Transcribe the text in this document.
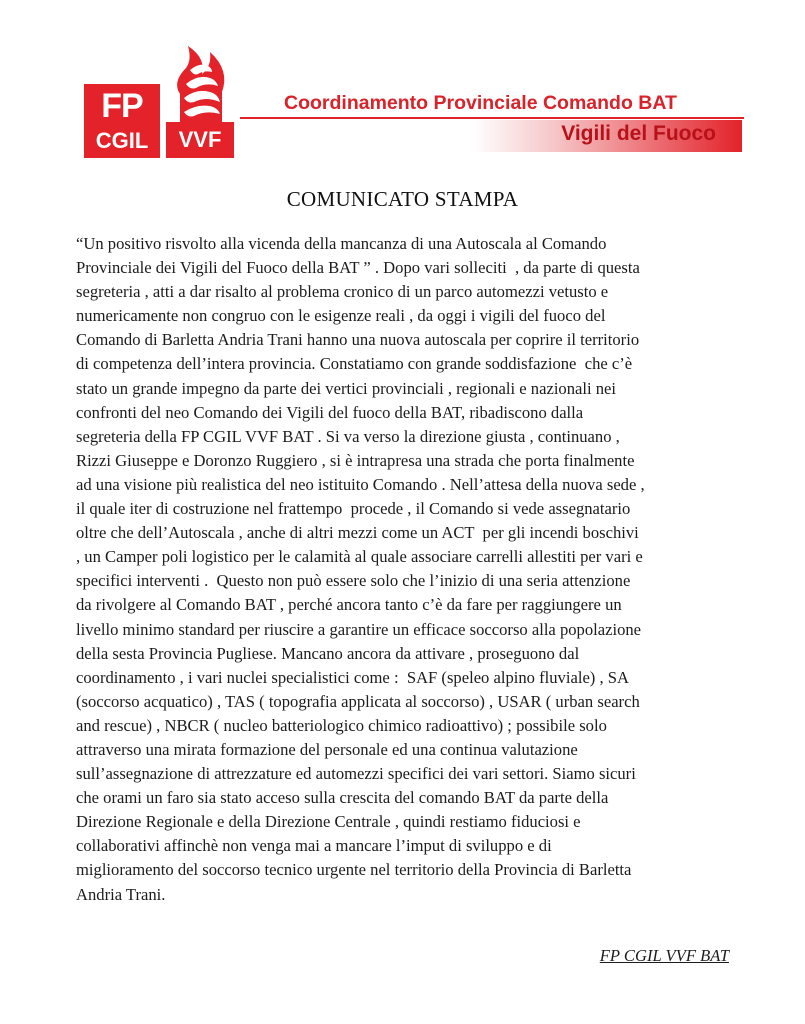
FP
CGIL	VVF
Coordinamento Provinciale Comando BAT
Vigili del Fuoco
COMUNICATO STAMPA
“Un positivo risvolto alla vicenda della mancanza di una Autoscala al Comando
Provinciale dei Vigili del Fuoco della BAT ” . Dopo vari solleciti  , da parte di questa
segreteria , atti a dar risalto al problema cronico di un parco automezzi vetusto e
numericamente non congruo con le esigenze reali , da oggi i vigili del fuoco del
Comando di Barletta Andria Trani hanno una nuova autoscala per coprire il territorio
di competenza dell’intera provincia. Constatiamo con grande soddisfazione  che c’è
stato un grande impegno da parte dei vertici provinciali , regionali e nazionali nei
confronti del neo Comando dei Vigili del fuoco della BAT, ribadiscono dalla
segreteria della FP CGIL VVF BAT . Si va verso la direzione giusta , continuano ,
Rizzi Giuseppe e Doronzo Ruggiero , si è intrapresa una strada che porta finalmente
ad una visione più realistica del neo istituito Comando . Nell’attesa della nuova sede ,
il quale iter di costruzione nel frattempo  procede , il Comando si vede assegnatario
oltre che dell’Autoscala , anche di altri mezzi come un ACT  per gli incendi boschivi
, un Camper poli logistico per le calamità al quale associare carrelli allestiti per vari e
specifici interventi .  Questo non può essere solo che l’inizio di una seria attenzione
da rivolgere al Comando BAT , perché ancora tanto c’è da fare per raggiungere un
livello minimo standard per riuscire a garantire un efficace soccorso alla popolazione
della sesta Provincia Pugliese. Mancano ancora da attivare , proseguono dal
coordinamento , i vari nuclei specialistici come :  SAF (speleo alpino fluviale) , SA
(soccorso acquatico) , TAS ( topografia applicata al soccorso) , USAR ( urban search
and rescue) , NBCR ( nucleo batteriologico chimico radioattivo) ; possibile solo
attraverso una mirata formazione del personale ed una continua valutazione
sull’assegnazione di attrezzature ed automezzi specifici dei vari settori. Siamo sicuri
che orami un faro sia stato acceso sulla crescita del comando BAT da parte della
Direzione Regionale e della Direzione Centrale , quindi restiamo fiduciosi e
collaborativi affinchè non venga mai a mancare l’imput di sviluppo e di
miglioramento del soccorso tecnico urgente nel territorio della Provincia di Barletta
Andria Trani.
FP CGIL VVF BAT
